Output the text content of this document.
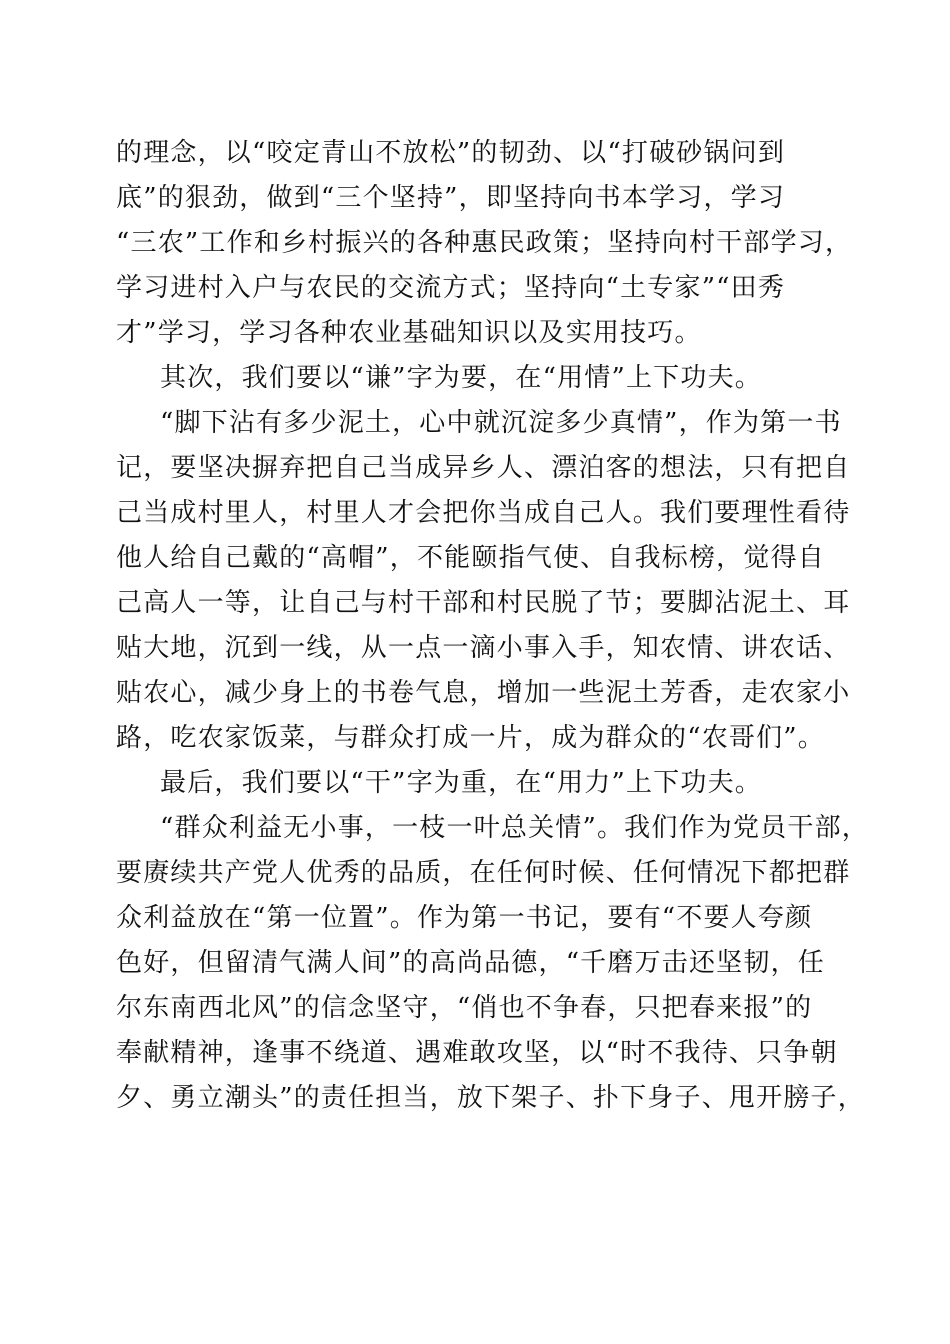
的理念，以“咬定青山不放松”的韧劲、以“打破砂锅问到
底”的狠劲，做到“三个坚持”，即坚持向书本学习，学习
“三农”工作和乡村振兴的各种惠民政策；坚持向村干部学习，
学习进村入户与农民的交流方式；坚持向“土专家”“田秀
才”学习，学习各种农业基础知识以及实用技巧。
其次，我们要以“谦”字为要，在“用情”上下功夫。
“脚下沾有多少泥土，心中就沉淀多少真情”，作为第一书
记，要坚决摒弃把自己当成异乡人、漂泊客的想法，只有把自
己当成村里人，村里人才会把你当成自己人。我们要理性看待
他人给自己戴的“高帽”，不能颐指气使、自我标榜，觉得自
己高人一等，让自己与村干部和村民脱了节；要脚沾泥土、耳
贴大地，沉到一线，从一点一滴小事入手，知农情、讲农话、
贴农心，减少身上的书卷气息，增加一些泥土芳香，走农家小
路，吃农家饭菜，与群众打成一片，成为群众的“农哥们”。
最后，我们要以“干”字为重，在“用力”上下功夫。
“群众利益无小事，一枝一叶总关情”。我们作为党员干部，
要赓续共产党人优秀的品质，在任何时候、任何情况下都把群
众利益放在“第一位置”。作为第一书记，要有“不要人夸颜
色好，但留清气满人间”的高尚品德，“千磨万击还坚韧，任
尔东南西北风”的信念坚守，“俏也不争春，只把春来报”的
奉献精神，逢事不绕道、遇难敢攻坚，以“时不我待、只争朝
夕、勇立潮头”的责任担当，放下架子、扑下身子、甩开膀子，
